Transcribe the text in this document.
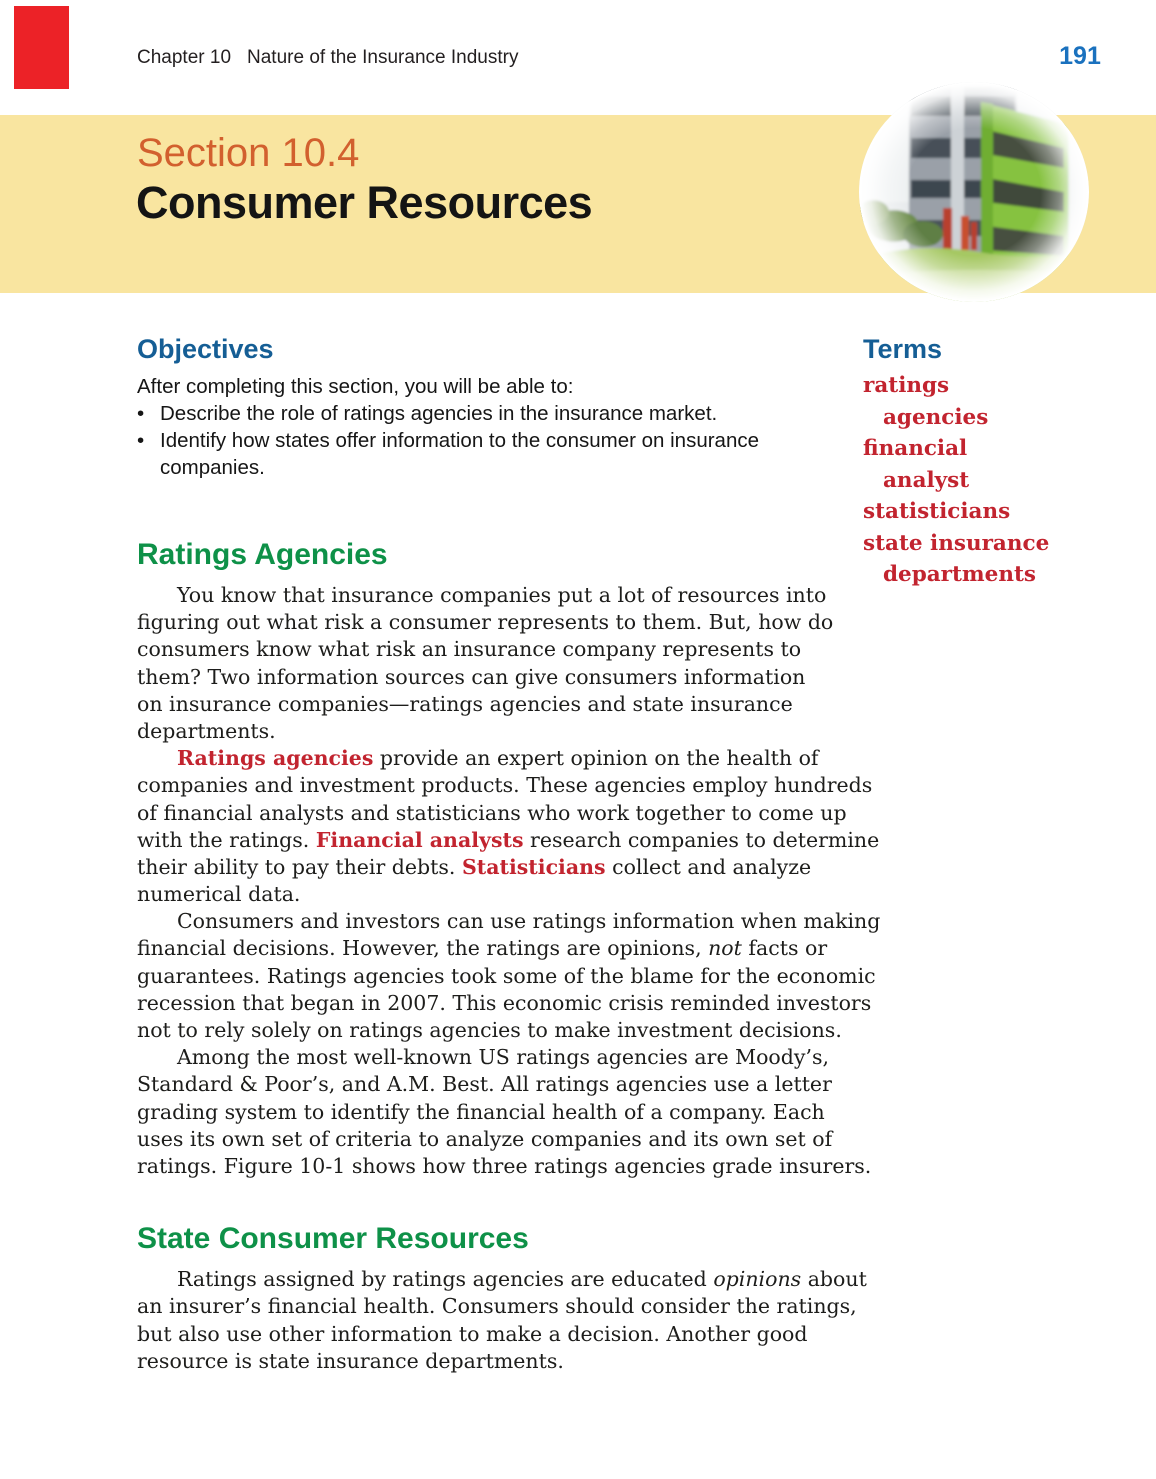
Chapter 10 Nature of the Insurance Industry	191
Section 10.4
Consumer Resources
Objectives
After completing this section, you will be able to:
• Describe the role of ratings agencies in the insurance market.
• Identify how states offer information to the consumer on insurance
companies.
Terms
ratings agencies
financial analyst
statisticians
state insurance departments
Ratings Agencies
You know that insurance companies put a lot of resources into
figuring out what risk a consumer represents to them. But, how do
consumers know what risk an insurance company represents to
them? Two information sources can give consumers information
on insurance companies—ratings agencies and state insurance
departments.
Ratings agencies provide an expert opinion on the health of
companies and investment products. These agencies employ hundreds
of financial analysts and statisticians who work together to come up
with the ratings. Financial analysts research companies to determine
their ability to pay their debts. Statisticians collect and analyze
numerical data.
Consumers and investors can use ratings information when making
financial decisions. However, the ratings are opinions, not facts or
guarantees. Ratings agencies took some of the blame for the economic
recession that began in 2007. This economic crisis reminded investors
not to rely solely on ratings agencies to make investment decisions.
Among the most well-known US ratings agencies are Moody’s,
Standard & Poor’s, and A.M. Best. All ratings agencies use a letter
grading system to identify the financial health of a company. Each
uses its own set of criteria to analyze companies and its own set of
ratings. Figure 10-1 shows how three ratings agencies grade insurers.
State Consumer Resources
Ratings assigned by ratings agencies are educated opinions about
an insurer’s financial health. Consumers should consider the ratings,
but also use other information to make a decision. Another good
resource is state insurance departments.
